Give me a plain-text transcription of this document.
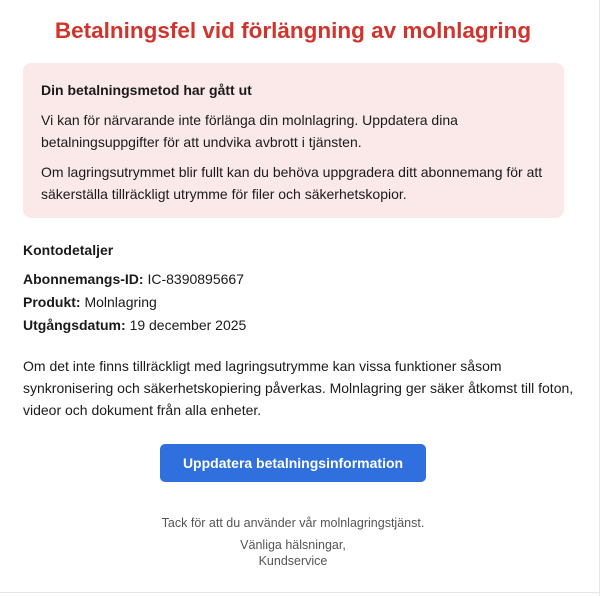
Betalningsfel vid förlängning av molnlagring

Din betalningsmetod har gått ut

Vi kan för närvarande inte förlänga din molnlagring. Uppdatera dina betalningsuppgifter för att undvika avbrott i tjänsten.

Om lagringsutrymmet blir fullt kan du behöva uppgradera ditt abonnemang för att säkerställa tillräckligt utrymme för filer och säkerhetskopior.

Kontodetaljer

Abonnemangs-ID: IC-8390895667

Produkt: Molnlagring

Utgångsdatum: 19 december 2025

Om det inte finns tillräckligt med lagringsutrymme kan vissa funktioner såsom synkronisering och säkerhetskopiering påverkas. Molnlagring ger säker åtkomst till foton, videor och dokument från alla enheter.

Uppdatera betalningsinformation

Tack för att du använder vår molnlagringstjänst.

Vänliga hälsningar,

Kundservice
